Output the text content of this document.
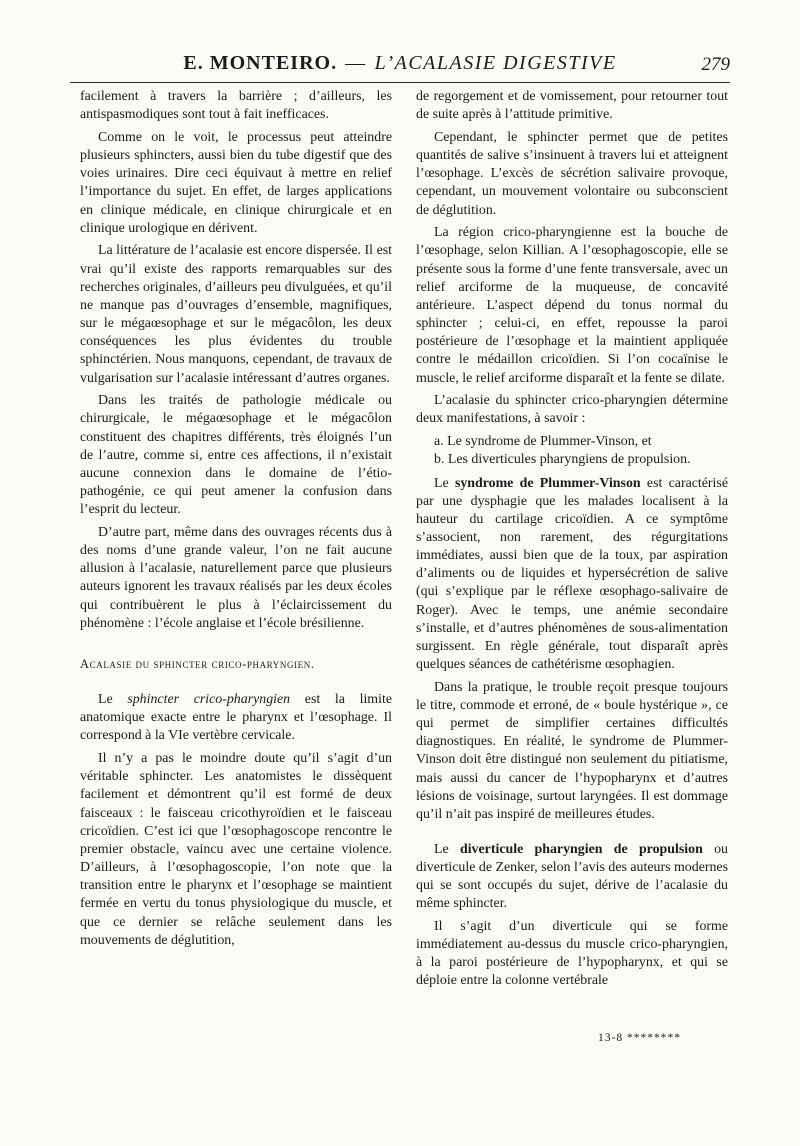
E. MONTEIRO. — L’ACALASIE DIGESTIVE	279

facilement à travers la barrière ; d’ailleurs, les antispasmodiques sont tout à fait inefficaces.

Comme on le voit, le processus peut atteindre plusieurs sphincters, aussi bien du tube digestif que des voies urinaires. Dire ceci équivaut à mettre en relief l’importance du sujet. En effet, de larges applications en clinique médicale, en clinique chirurgicale et en clinique urologique en dérivent.

La littérature de l’acalasie est encore dispersée. Il est vrai qu’il existe des rapports remarquables sur des recherches originales, d’ailleurs peu divulguées, et qu’il ne manque pas d’ouvrages d’ensemble, magnifiques, sur le mégaœsophage et sur le mégacôlon, les deux conséquences les plus évidentes du trouble sphinctérien. Nous manquons, cependant, de travaux de vulgarisation sur l’acalasie intéressant d’autres organes.

Dans les traités de pathologie médicale ou chirurgicale, le mégaœsophage et le mégacôlon constituent des chapitres différents, très éloignés l’un de l’autre, comme si, entre ces affections, il n’existait aucune connexion dans le domaine de l’étio-pathogénie, ce qui peut amener la confusion dans l’esprit du lecteur.

D’autre part, même dans des ouvrages récents dus à des noms d’une grande valeur, l’on ne fait aucune allusion à l’acalasie, naturellement parce que plusieurs auteurs ignorent les travaux réalisés par les deux écoles qui contribuèrent le plus à l’éclaircissement du phénomène : l’école anglaise et l’école brésilienne.

Acalasie du sphincter crico-pharyngien.

Le sphincter crico-pharyngien est la limite anatomique exacte entre le pharynx et l’œsophage. Il correspond à la VIe vertèbre cervicale.

Il n’y a pas le moindre doute qu’il s’agit d’un véritable sphincter. Les anatomistes le dissèquent facilement et démontrent qu’il est formé de deux faisceaux : le faisceau cricothyroïdien et le faisceau cricoïdien. C’est ici que l’œsophagoscope rencontre le premier obstacle, vaincu avec une certaine violence. D’ailleurs, à l’œsophagoscopie, l’on note que la transition entre le pharynx et l’œsophage se maintient fermée en vertu du tonus physiologique du muscle, et que ce dernier se relâche seulement dans les mouvements de déglutition,

de regorgement et de vomissement, pour retourner tout de suite après à l’attitude primitive.

Cependant, le sphincter permet que de petites quantités de salive s’insinuent à travers lui et atteignent l’œsophage. L’excès de sécrétion salivaire provoque, cependant, un mouvement volontaire ou subconscient de déglutition.

La région crico-pharyngienne est la bouche de l’œsophage, selon Killian. A l’œsophagoscopie, elle se présente sous la forme d’une fente transversale, avec un relief arciforme de la muqueuse, de concavité antérieure. L’aspect dépend du tonus normal du sphincter ; celui-ci, en effet, repousse la paroi postérieure de l’œsophage et la maintient appliquée contre le médaillon cricoïdien. Si l’on cocaïnise le muscle, le relief arciforme disparaît et la fente se dilate.

L’acalasie du sphincter crico-pharyngien détermine deux manifestations, à savoir :

a. Le syndrome de Plummer-Vinson, et

b. Les diverticules pharyngiens de propulsion.

Le syndrome de Plummer-Vinson est caractérisé par une dysphagie que les malades localisent à la hauteur du cartilage cricoïdien. A ce symptôme s’associent, non rarement, des régurgitations immédiates, aussi bien que de la toux, par aspiration d’aliments ou de liquides et hypersécrétion de salive (qui s’explique par le réflexe œsophago-salivaire de Roger). Avec le temps, une anémie secondaire s’installe, et d’autres phénomènes de sous-alimentation surgissent. En règle générale, tout disparaît après quelques séances de cathétérisme œsophagien.

Dans la pratique, le trouble reçoit presque toujours le titre, commode et erroné, de « boule hystérique », ce qui permet de simplifier certaines difficultés diagnostiques. En réalité, le syndrome de Plummer-Vinson doit être distingué non seulement du pitiatisme, mais aussi du cancer de l’hypopharynx et d’autres lésions de voisinage, surtout laryngées. Il est dommage qu’il n’ait pas inspiré de meilleures études.

Le diverticule pharyngien de propulsion ou diverticule de Zenker, selon l’avis des auteurs modernes qui se sont occupés du sujet, dérive de l’acalasie du même sphincter.

Il s’agit d’un diverticule qui se forme immédiatement au-dessus du muscle crico-pharyngien, à la paroi postérieure de l’hypopharynx, et qui se déploie entre la colonne vertébrale

13-8 ********
